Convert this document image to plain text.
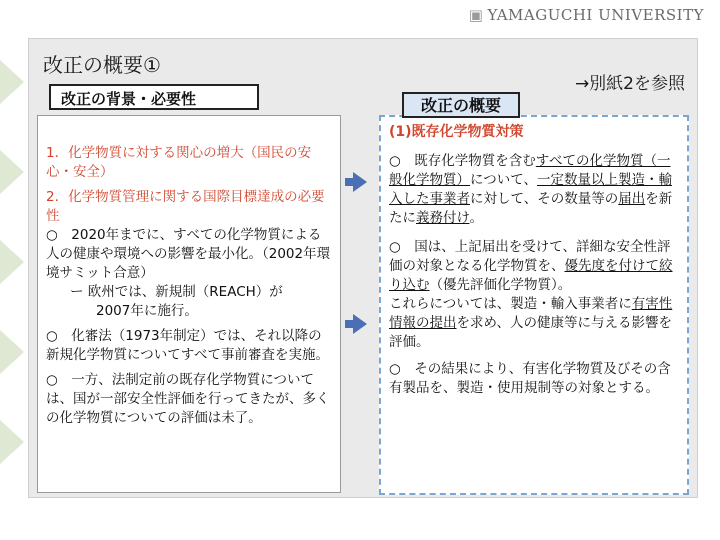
▣ YAMAGUCHI UNIVERSITY
改正の概要①
→別紙2を参照

1．化学物質に対する関心の増大（国民の安心・安全）

2．化学物質管理に関する国際目標達成の必要性

○　2020年までに、すべての化学物質による人の健康や環境への影響を最小化。（2002年環境サミット合意）

ー 欧州では、新規制（REACH）が

2007年に施行。

○　化審法（1973年制定）では、それ以降の新規化学物質についてすべて事前審査を実施。

○　一方、法制定前の既存化学物質については、国が一部安全性評価を行ってきたが、多くの化学物質についての評価は未了。

改正の背景・必要性
(1)既存化学物質対策

○　既存化学物質を含むすべての化学物質（一般化学物質）について、一定数量以上製造・輸入した事業者に対して、その数量等の届出を新たに義務付け。

○　国は、上記届出を受けて、詳細な安全性評価の対象となる化学物質を、優先度を付けて絞り込む（優先評価化学物質）。
これらについては、製造・輸入事業者に有害性情報の提出を求め、人の健康等に与える影響を評価。

○　その結果により、有害化学物質及びその含有製品を、製造・使用規制等の対象とする。

改正の概要
